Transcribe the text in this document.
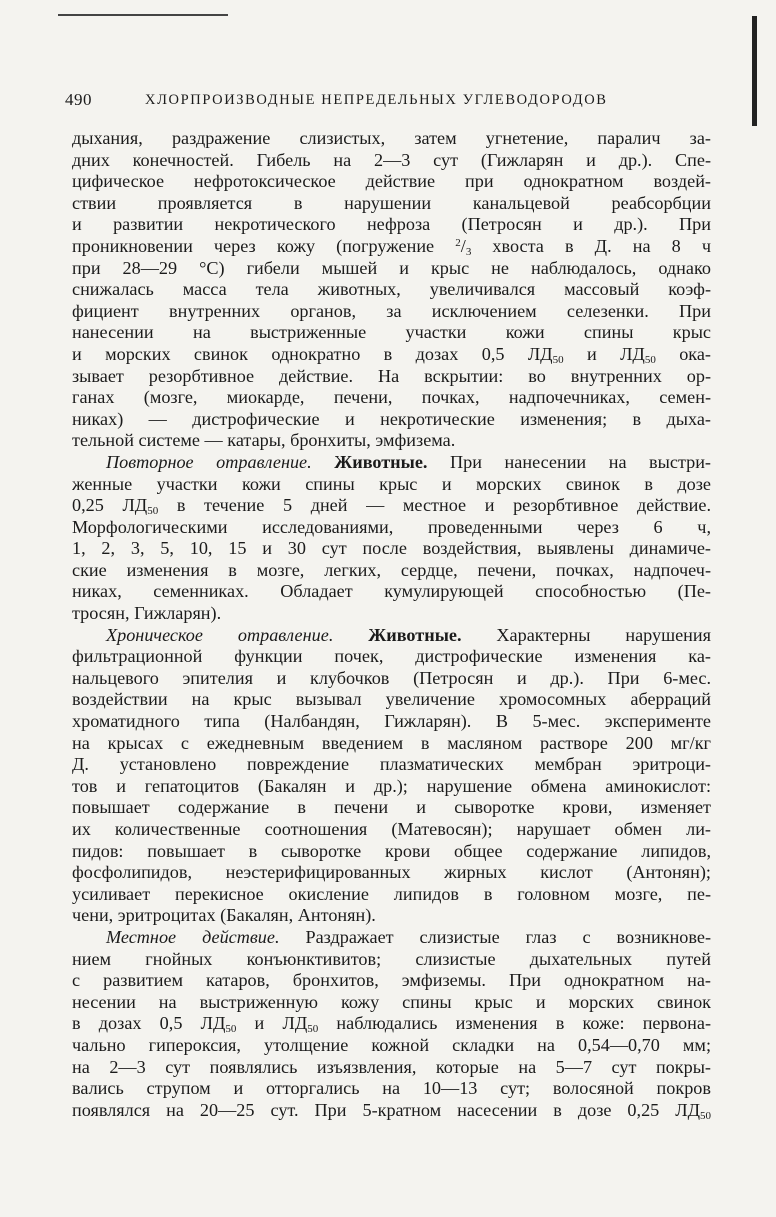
490	ХЛОРПРОИЗВОДНЫЕ НЕПРЕДЕЛЬНЫХ УГЛЕВОДОРОДОВ
дыхания, раздражение слизистых, затем угнетение, паралич за-
дних конечностей. Гибель на 2—3 сут (Гижларян и др.). Спе-
цифическое нефротоксическое действие при однократном воздей-
ствии проявляется в нарушении канальцевой реабсорбции
и развитии некротического нефроза (Петросян и др.). При
проникновении через кожу (погружение $^2/_3$ хвоста в Д. на 8 ч
при 28—29 °С) гибели мышей и крыс не наблюдалось, однако
снижалась масса тела животных, увеличивался массовый коэф-
фициент внутренних органов, за исключением селезенки. При
нанесении на выстриженные участки кожи спины крыс
и морских свинок однократно в дозах 0,5 $ЛД_{50}$ и $ЛД_{50}$ ока-
зывает резорбтивное действие. На вскрытии: во внутренних ор-
ганах (мозге, миокарде, печени, почках, надпочечниках, семен-
никах) — дистрофические и некротические изменения; в дыха-
тельной системе — катары, бронхиты, эмфизема.
Повторное отравление. Животные. При нанесении на выстри-
женные участки кожи спины крыс и морских свинок в дозе
0,25 $ЛД_{50}$ в течение 5 дней — местное и резорбтивное действие.
Морфологическими исследованиями, проведенными через 6 ч,
1, 2, 3, 5, 10, 15 и 30 сут после воздействия, выявлены динамиче-
ские изменения в мозге, легких, сердце, печени, почках, надпочеч-
никах, семенниках. Обладает кумулирующей способностью (Пе-
тросян, Гижларян).
Хроническое отравление. Животные. Характерны нарушения
фильтрационной функции почек, дистрофические изменения ка-
нальцевого эпителия и клубочков (Петросян и др.). При 6-мес.
воздействии на крыс вызывал увеличение хромосомных аберраций
хроматидного типа (Налбандян, Гижларян). В 5-мес. эксперименте
на крысах с ежедневным введением в масляном растворе 200 мг/кг
Д. установлено повреждение плазматических мембран эритроци-
тов и гепатоцитов (Бакалян и др.); нарушение обмена аминокислот:
повышает содержание в печени и сыворотке крови, изменяет
их количественные соотношения (Матевосян); нарушает обмен ли-
пидов: повышает в сыворотке крови общее содержание липидов,
фосфолипидов, неэстерифицированных жирных кислот (Антонян);
усиливает перекисное окисление липидов в головном мозге, пе-
чени, эритроцитах (Бакалян, Антонян).
Местное действие. Раздражает слизистые глаз с возникнове-
нием гнойных конъюнктивитов; слизистые дыхательных путей
с развитием катаров, бронхитов, эмфиземы. При однократном на-
несении на выстриженную кожу спины крыс и морских свинок
в дозах 0,5 $ЛД_{50}$ и $ЛД_{50}$ наблюдались изменения в коже: первона-
чально гипероксия, утолщение кожной складки на 0,54—0,70 мм;
на 2—3 сут появлялись изъязвления, которые на 5—7 сут покры-
вались струпом и отторгались на 10—13 сут; волосяной покров
появлялся на 20—25 сут. При 5-кратном насесении в дозе 0,25 $ЛД_{50}$
